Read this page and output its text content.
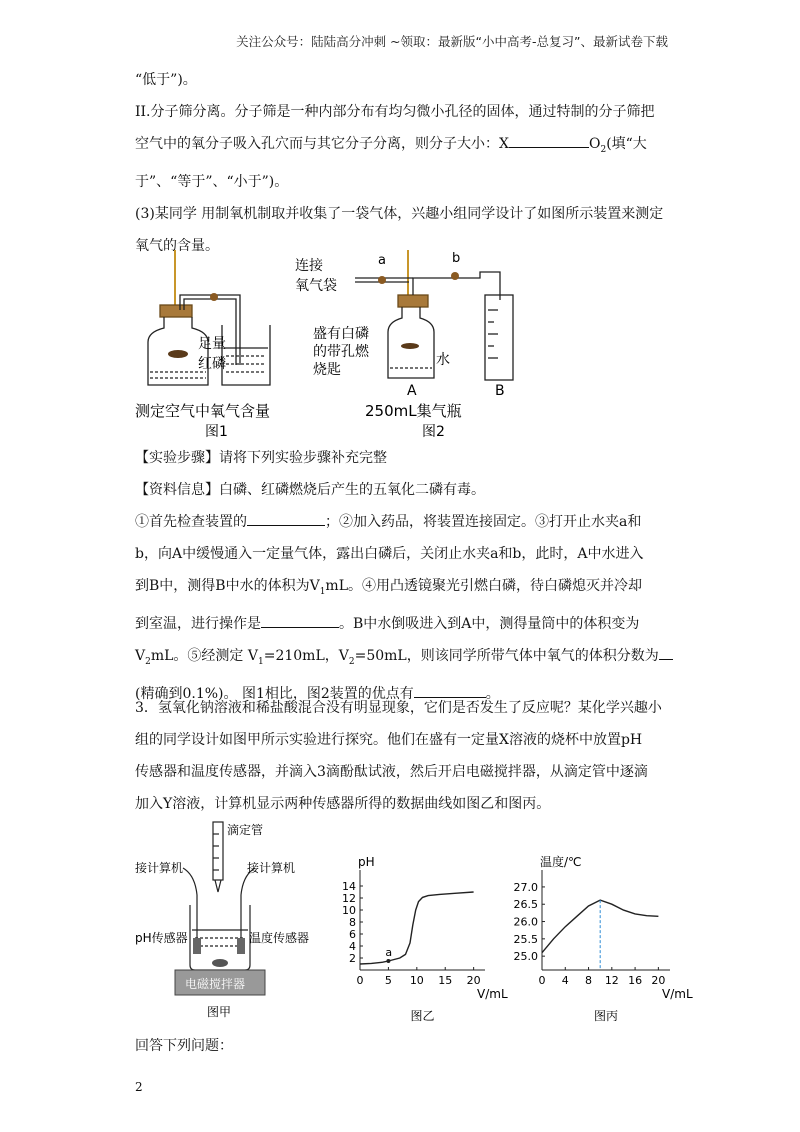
关注公众号：陆陆高分冲刺 ~领取：最新版“小中高考-总复习”、最新试卷下载
“低于”)。
II.分子筛分离。分子筛是一种内部分布有均匀微小孔径的固体，通过特制的分子筛把
空气中的氧分子吸入孔穴而与其它分子分离，则分子大小：X	$O_2$(填“大
于”、“等于”、“小于”)。
(3)某同学 用制氧机制取并收集了一袋气体，兴趣小组同学设计了如图所示装置来测定
氧气的含量。
足量
红磷
测定空气中氧气含量
图1
连接
氧气袋
a	b
盛有白磷
的带孔燃
烧匙
水
A	B
250mL集气瓶
图2
【实验步骤】请将下列实验步骤补充完整
【资料信息】白磷、红磷燃烧后产生的五氧化二磷有毒。
①首先检查装置的	；②加入药品，将装置连接固定。③打开止水夹a和
b，向A中缓慢通入一定量气体，露出白磷后，关闭止水夹a和b，此时，A中水进入
到B中，测得B中水的体积为$V_1mL$。④用凸透镜聚光引燃白磷，待白磷熄灭并冷却
到室温，进行操作是	。B中水倒吸进入到A中，测得量筒中的体积变为
$V_2mL$。⑤经测定 $V_1=210mL$，$V_2=50mL$，则该同学所带气体中氧气的体积分数为
(精确到0.1%)。 图1相比，图2装置的优点有	。
3．氢氧化钠溶液和稀盐酸混合没有明显现象，它们是否发生了反应呢？某化学兴趣小
组的同学设计如图甲所示实验进行探究。他们在盛有一定量X溶液的烧杯中放置pH
传感器和温度传感器，并滴入3滴酚酞试液，然后开启电磁搅拌器，从滴定管中逐滴
加入Y溶液，计算机显示两种传感器所得的数据曲线如图乙和图丙。
滴定管
接计算机	接计算机
pH传感器	温度传感器
电磁搅拌器
图甲
14
12
10
8
6
4
2
0 5 10 15 20
pH
V/mL
图乙
a
27.0
26.5
26.0
25.5
25.0
0 4 8 12 16 20
温度/℃
V/mL
图丙
回答下列问题：
2
